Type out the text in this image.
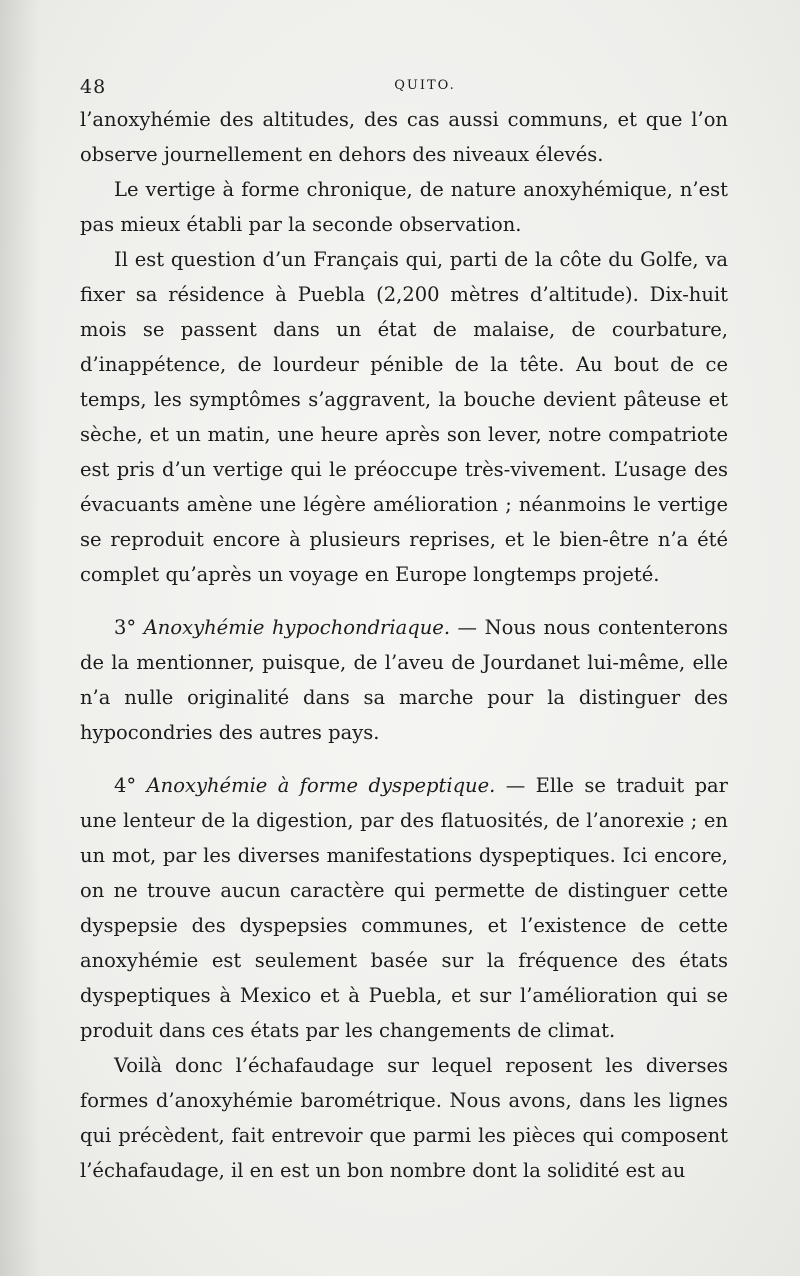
48	QUITO.

l’anoxyhémie des altitudes, des cas aussi communs, et que l’on observe journellement en dehors des niveaux élevés.

Le vertige à forme chronique, de nature anoxyhémique, n’est pas mieux établi par la seconde observation.

Il est question d’un Français qui, parti de la côte du Golfe, va fixer sa résidence à Puebla (2,200 mètres d’altitude). Dix-huit mois se passent dans un état de malaise, de courbature, d’inappétence, de lourdeur pénible de la tête. Au bout de ce temps, les symptômes s’aggravent, la bouche devient pâteuse et sèche, et un matin, une heure après son lever, notre compatriote est pris d’un vertige qui le préoccupe très-vivement. L’usage des évacuants amène une légère amélioration ; néanmoins le vertige se reproduit encore à plusieurs reprises, et le bien-être n’a été complet qu’après un voyage en Europe longtemps projeté.

3° Anoxyhémie hypochondriaque. — Nous nous contenterons de la mentionner, puisque, de l’aveu de Jourdanet lui-même, elle n’a nulle originalité dans sa marche pour la distinguer des hypocondries des autres pays.

4° Anoxyhémie à forme dyspeptique. — Elle se traduit par une lenteur de la digestion, par des flatuosités, de l’anorexie ; en un mot, par les diverses manifestations dyspeptiques. Ici encore, on ne trouve aucun caractère qui permette de distinguer cette dyspepsie des dyspepsies communes, et l’existence de cette anoxyhémie est seulement basée sur la fréquence des états dyspeptiques à Mexico et à Puebla, et sur l’amélioration qui se produit dans ces états par les changements de climat.

Voilà donc l’échafaudage sur lequel reposent les diverses formes d’anoxyhémie barométrique. Nous avons, dans les lignes qui précèdent, fait entrevoir que parmi les pièces qui composent l’échafaudage, il en est un bon nombre dont la solidité est au
